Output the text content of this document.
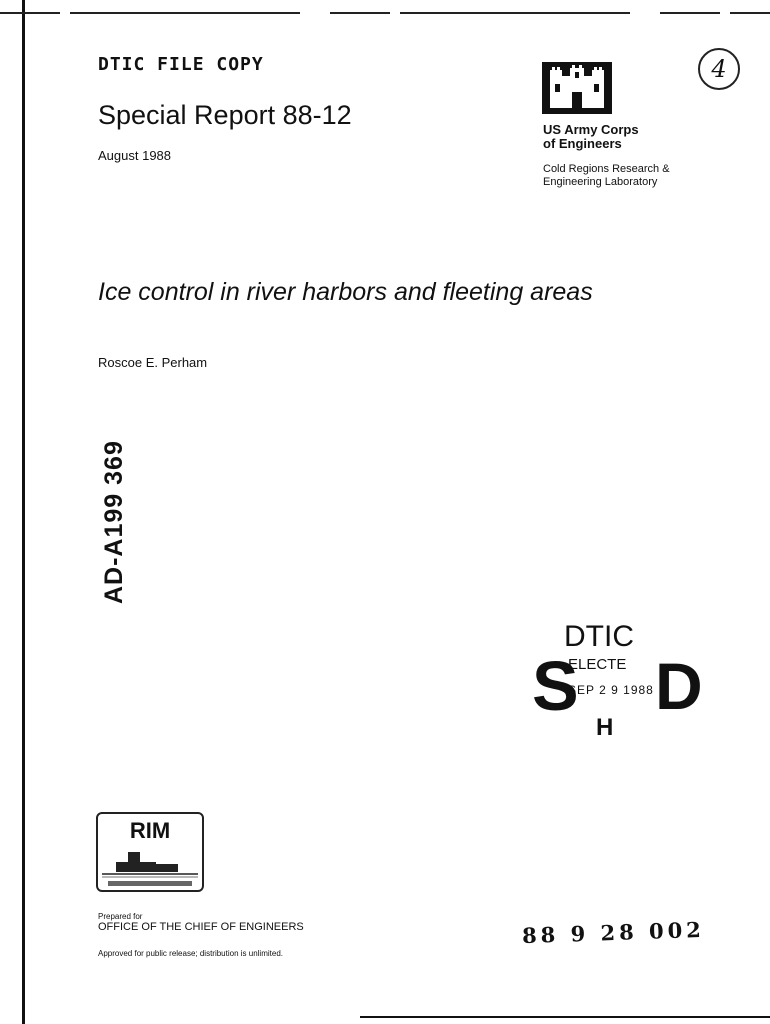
DTIC FILE COPY	4
Special Report 88-12
August 1988
US Army Corps
of Engineers
Cold Regions Research &
Engineering Laboratory
Ice control in river harbors and fleeting areas
Roscoe E. Perham
AD-A199 369
S
DTIC
ELECTE
SEP 2 9 1988 D
H
RIM
Prepared for
OFFICE OF THE CHIEF OF ENGINEERS
Approved for public release; distribution is unlimited.
88 9 28 002
